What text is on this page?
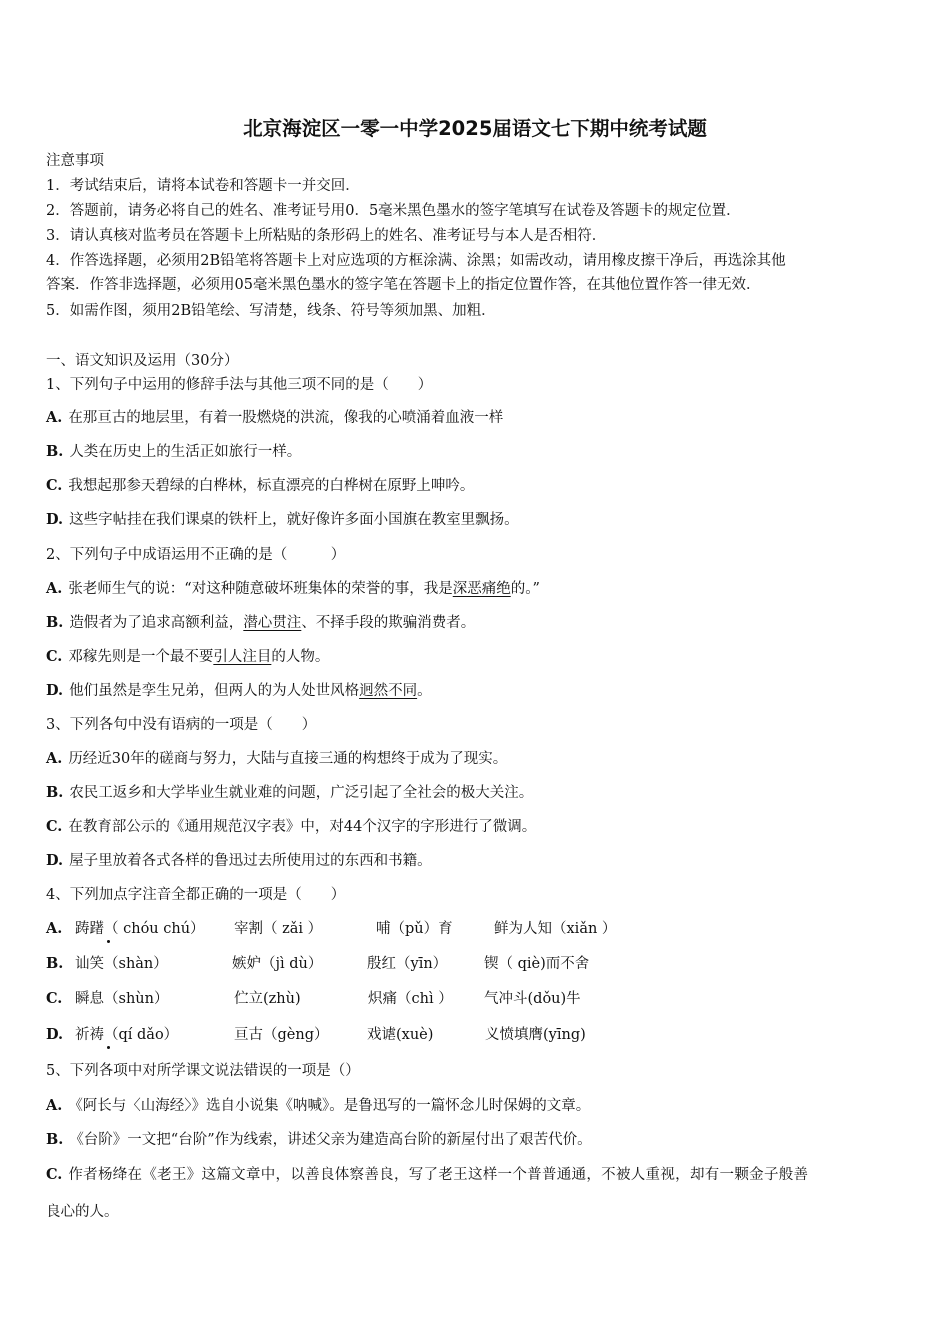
北京海淀区一零一中学2025届语文七下期中统考试题
注意事项
1．考试结束后，请将本试卷和答题卡一并交回．
2．答题前，请务必将自己的姓名、准考证号用0．5毫米黑色墨水的签字笔填写在试卷及答题卡的规定位置．
3．请认真核对监考员在答题卡上所粘贴的条形码上的姓名、准考证号与本人是否相符．
4．作答选择题，必须用2B铅笔将答题卡上对应选项的方框涂满、涂黑；如需改动，请用橡皮擦干净后，再选涂其他
答案．作答非选择题，必须用05毫米黑色墨水的签字笔在答题卡上的指定位置作答，在其他位置作答一律无效．
5．如需作图，须用2B铅笔绘、写清楚，线条、符号等须加黑、加粗．
一、语文知识及运用（30分）
1、下列句子中运用的修辞手法与其他三项不同的是（　　）
A. 在那亘古的地层里，有着一股燃烧的洪流，像我的心喷涌着血液一样
B. 人类在历史上的生活正如旅行一样。
C. 我想起那参天碧绿的白桦林，标直漂亮的白桦树在原野上呻吟。
D. 这些字帖挂在我们课桌的铁杆上，就好像许多面小国旗在教室里飘扬。
2、下列句子中成语运用不正确的是（　　　）
A. 张老师生气的说：“对这种随意破坏班集体的荣誉的事，我是深恶痛绝的。”
B. 造假者为了追求高额利益，潜心贯注、不择手段的欺骗消费者。
C. 邓稼先则是一个最不要引人注目的人物。
D. 他们虽然是孪生兄弟，但两人的为人处世风格迥然不同。
3、下列各句中没有语病的一项是（　　）
A. 历经近30年的磋商与努力，大陆与直接三通的构想终于成为了现实。
B. 农民工返乡和大学毕业生就业难的问题，广泛引起了全社会的极大关注。
C. 在教育部公示的《通用规范汉字表》中，对44个汉字的字形进行了微调。
D. 屋子里放着各式各样的鲁迅过去所使用过的东西和书籍。
4、下列加点字注音全都正确的一项是（　　）
A. 踌躇（ chóu chú） 宰割（ zǎi ）	哺（pǔ）育	鲜为人知（xiǎn ）
B. 讪笑（shàn）	嫉妒（jì dù）	殷红（yīn）	锲（ qiè)而不舍
C. 瞬息（shùn）	伫立(zhù)	炽痛（chì ） 气冲斗(dǒu)牛
D. 祈祷（qí dǎo）	亘古（gèng）	戏谑(xuè)	义愤填膺(yīng)
5、下列各项中对所学课文说法错误的一项是（）
A. 《阿长与〈山海经〉》选自小说集《呐喊》。是鲁迅写的一篇怀念儿时保姆的文章。
B. 《台阶》一文把“台阶”作为线索，讲述父亲为建造高台阶的新屋付出了艰苦代价。
C. 作者杨绛在《老王》这篇文章中，以善良体察善良，写了老王这样一个普普通通，不被人重视，却有一颗金子般善
良心的人。
